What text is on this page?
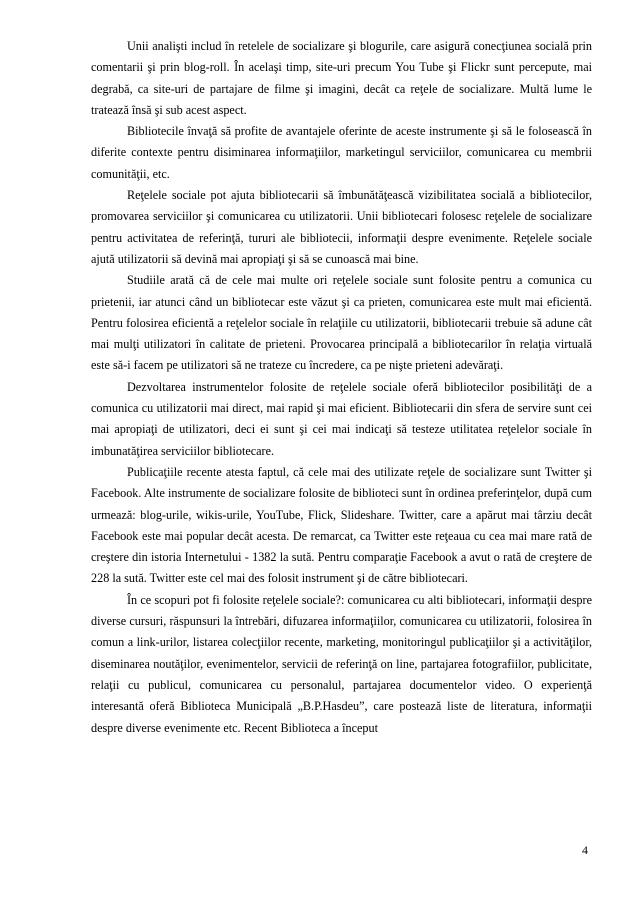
Unii analişti includ în retelele de socializare şi blogurile, care asigură conecţiunea socială prin comentarii şi prin blog-roll. În acelaşi timp, site-uri precum You Tube şi Flickr sunt percepute, mai degrabă, ca site-uri de partajare de filme şi imagini, decât ca reţele de socializare. Multă lume le tratează însă şi sub acest aspect.

Bibliotecile învaţă să profite de avantajele oferinte de aceste instrumente şi să le folosească în diferite contexte pentru disiminarea informaţiilor, marketingul serviciilor, comunicarea cu membrii comunităţii, etc.

Reţelele sociale pot ajuta bibliotecarii să îmbunătăţească vizibilitatea socială a bibliotecilor, promovarea serviciilor şi comunicarea cu utilizatorii. Unii bibliotecari folosesc reţelele de socializare pentru activitatea de referinţă, tururi ale bibliotecii, informaţii despre evenimente. Reţelele sociale ajută utilizatorii să devină mai apropiaţi şi să se cunoască mai bine.

Studiile arată că de cele mai multe ori reţelele sociale sunt folosite pentru a comunica cu prietenii, iar atunci când un bibliotecar este văzut şi ca prieten, comunicarea este mult mai eficientă. Pentru folosirea eficientă a reţelelor sociale în relaţiile cu utilizatorii, bibliotecarii trebuie să adune cât mai mulţi utilizatori în calitate de prieteni. Provocarea principală a bibliotecarilor în relaţia virtuală este să-i facem pe utilizatori să ne trateze cu încredere, ca pe nişte prieteni adevăraţi.

Dezvoltarea instrumentelor folosite de reţelele sociale oferă bibliotecilor posibilităţi de a comunica cu utilizatorii mai direct, mai rapid şi mai eficient. Bibliotecarii din sfera de servire sunt cei mai apropiaţi de utilizatori, deci ei sunt şi cei mai indicaţi să testeze utilitatea reţelelor sociale în imbunatăţirea serviciilor bibliotecare.

Publicaţiile recente atesta faptul, că cele mai des utilizate reţele de socializare sunt Twitter şi Facebook. Alte instrumente de socializare folosite de biblioteci sunt în ordinea preferinţelor, după cum urmează: blog-urile, wikis-urile, YouTube, Flick, Slideshare. Twitter, care a apărut mai târziu decât Facebook este mai popular decât acesta. De remarcat, ca Twitter este reţeaua cu cea mai mare rată de creştere din istoria Internetului - 1382 la sută. Pentru comparaţie Facebook a avut o rată de creştere de 228 la sută. Twitter este cel mai des folosit instrument şi de către bibliotecari.

În ce scopuri pot fi folosite reţelele sociale?: comunicarea cu alti bibliotecari, informaţii despre diverse cursuri, răspunsuri la întrebări, difuzarea informaţiilor, comunicarea cu utilizatorii, folosirea în comun a link-urilor, listarea colecţiilor recente, marketing, monitoringul publicaţiilor şi a activităţilor, diseminarea noutăţilor, evenimentelor, servicii de referinţă on line, partajarea fotografiilor, publicitate, relaţii cu publicul, comunicarea cu personalul, partajarea documentelor video. O experienţă interesantă oferă Biblioteca Municipală „B.P.Hasdeu”, care postează liste de literatura, informaţii despre diverse evenimente etc. Recent Biblioteca a început

4
